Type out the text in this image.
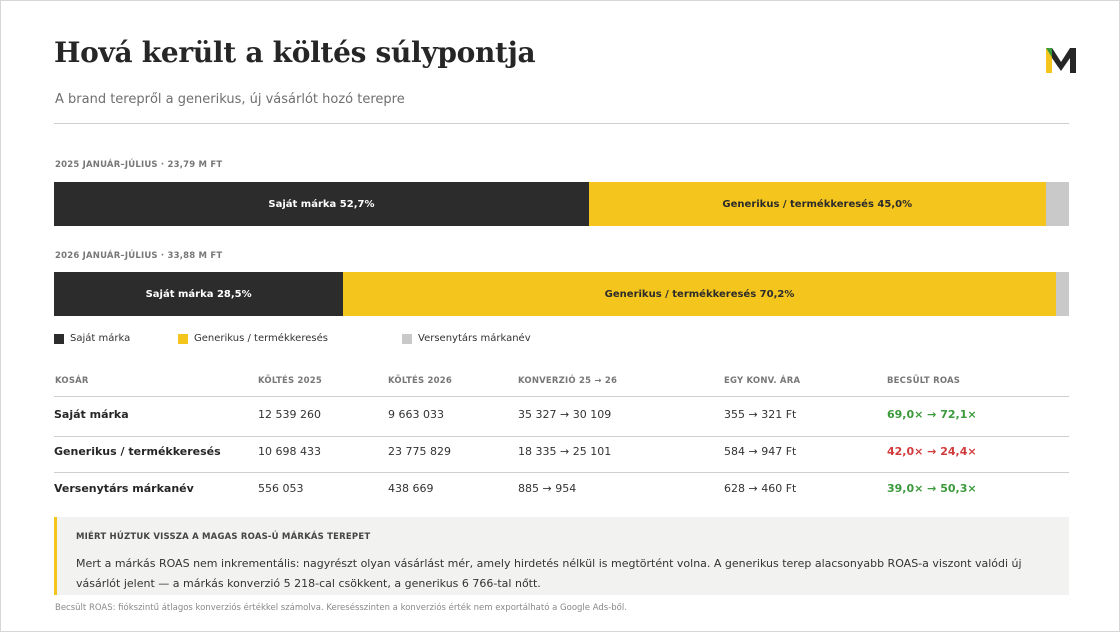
Hová került a költés súlypontja
A brand terepről a generikus, új vásárlót hozó terepre
2025 JANUÁR–JÚLIUS · 23,79 M FT
Saját márka 52,7%	Generikus / termékkeresés 45,0%
2026 JANUÁR–JÚLIUS · 33,88 M FT
Saját márka 28,5%	Generikus / termékkeresés 70,2%
Saját márka	Generikus / termékkeresés	Versenytárs márkanév
KOSÁR	KÖLTÉS 2025	KÖLTÉS 2026	KONVERZIÓ 25 → 26	EGY KONV. ÁRA	BECSÜLT ROAS
Saját márka	12 539 260	9 663 033	35 327 → 30 109	355 → 321 Ft	69,0× → 72,1×
Generikus / termékkeresés	10 698 433	23 775 829	18 335 → 25 101	584 → 947 Ft	42,0× → 24,4×
Versenytárs márkanév	556 053	438 669	885 → 954	628 → 460 Ft	39,0× → 50,3×
MIÉRT HÚZTUK VISSZA A MAGAS ROAS-Ú MÁRKÁS TEREPET
Mert a márkás ROAS nem inkrementális: nagyrészt olyan vásárlást mér, amely hirdetés nélkül is megtörtént volna. A generikus terep alacsonyabb ROAS-a viszont valódi új vásárlót jelent — a márkás konverzió 5 218-cal csökkent, a generikus 6 766-tal nőtt.
Becsült ROAS: fiókszintű átlagos konverziós értékkel számolva. Keresésszinten a konverziós érték nem exportálható a Google Ads-ből.
